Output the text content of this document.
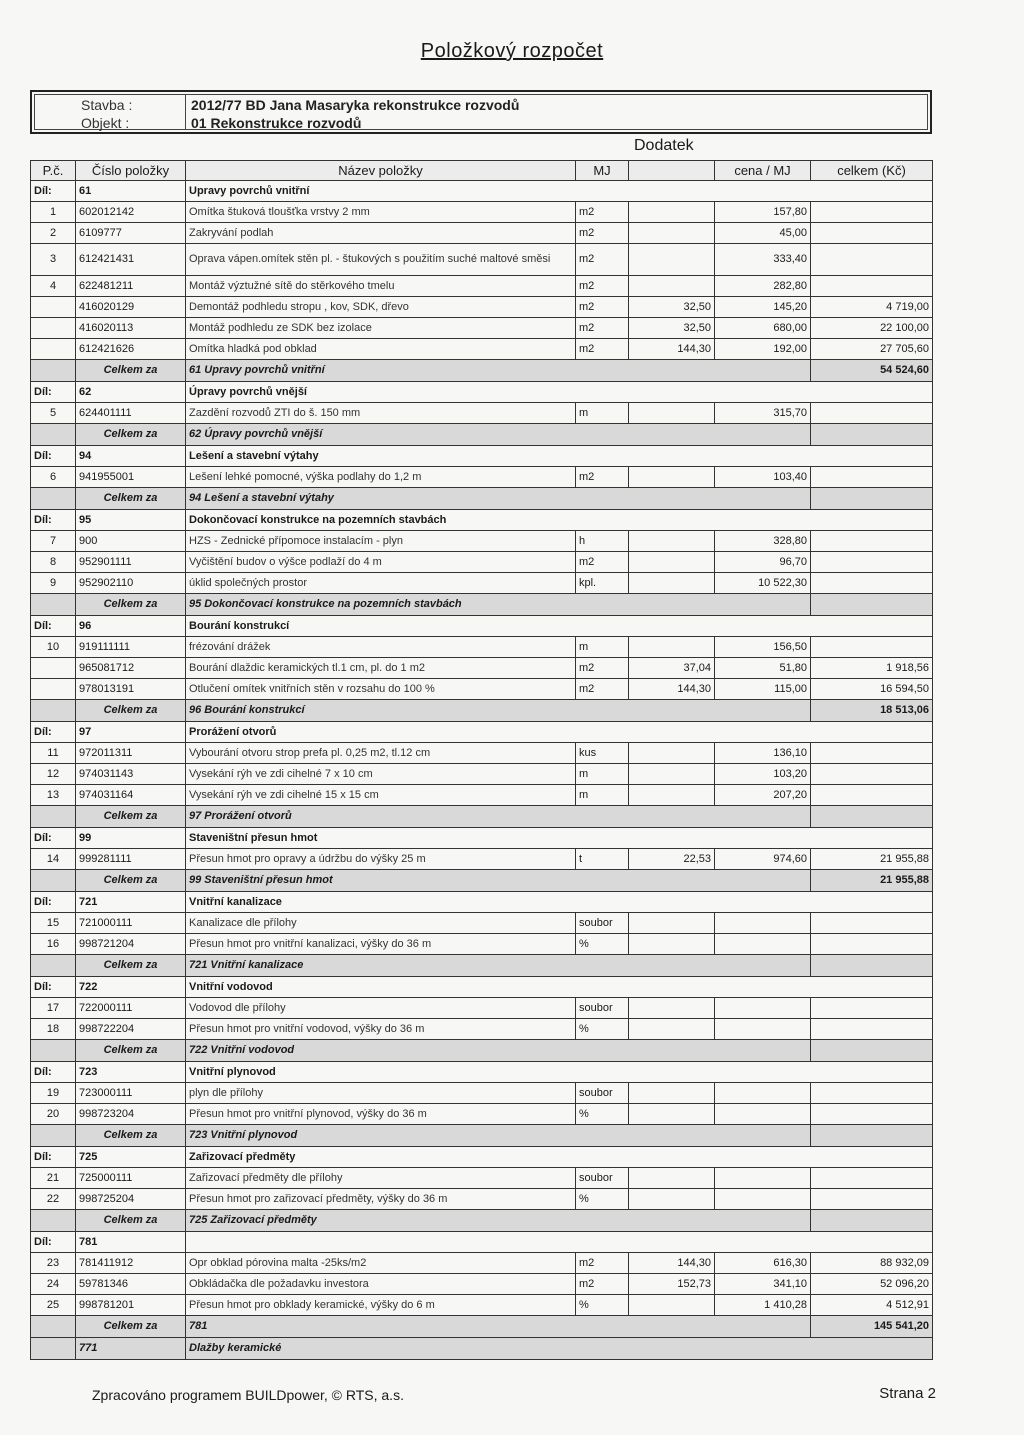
Položkový rozpočet
Stavba :	2012/77 BD Jana Masaryka rekonstrukce rozvodů
Objekt :	01 Rekonstrukce rozvodů
Dodatek
P.č.	Číslo položky	Název položky	MJ		cena / MJ	celkem (Kč)
Díl:	61	Upravy povrchů vnitřní				
1	602012142	Omítka štuková tloušťka vrstvy 2 mm	m2		157,80	
2	6109777	Zakryvání podlah	m2		45,00	
3	612421431	Oprava vápen.omítek stěn pl. - štukových s použitím suché maltové směsi	m2		333,40	
4	622481211	Montáž výztužné sítě do stěrkového tmelu	m2		282,80	
	416020129	Demontáž podhledu stropu , kov, SDK, dřevo	m2	32,50	145,20	4 719,00
	416020113	Montáž podhledu ze SDK bez izolace	m2	32,50	680,00	22 100,00
	612421626	Omítka hladká pod obklad	m2	144,30	192,00	27 705,60
	Celkem za	61 Upravy povrchů vnitřní				54 524,60
Díl:	62	Úpravy povrchů vnější				
5	624401111	Zazdění rozvodů ZTI do š. 150 mm	m		315,70	
	Celkem za	62 Úpravy povrchů vnější				
Díl:	94	Lešení a stavební výtahy				
6	941955001	Lešení lehké pomocné, výška podlahy do 1,2 m	m2		103,40	
	Celkem za	94 Lešení a stavební výtahy				
Díl:	95	Dokončovací konstrukce na pozemních stavbách				
7	900	HZS - Zednické přípomoce instalacím - plyn	h		328,80	
8	952901111	Vyčištění budov o výšce podlaží do 4 m	m2		96,70	
9	952902110	úklid společných prostor	kpl.		10 522,30	
	Celkem za	95 Dokončovací konstrukce na pozemních stavbách				
Díl:	96	Bourání konstrukcí				
10	919111111	frézování drážek	m		156,50	
	965081712	Bourání dlaždic keramických tl.1 cm, pl. do 1 m2	m2	37,04	51,80	1 918,56
	978013191	Otlučení omítek vnitřních stěn v rozsahu do 100 %	m2	144,30	115,00	16 594,50
	Celkem za	96 Bourání konstrukcí				18 513,06
Díl:	97	Prorážení otvorů				
11	972011311	Vybourání otvoru strop prefa pl. 0,25 m2, tl.12 cm	kus		136,10	
12	974031143	Vysekání rýh ve zdi cihelné 7 x 10 cm	m		103,20	
13	974031164	Vysekání rýh ve zdi cihelné 15 x 15 cm	m		207,20	
	Celkem za	97 Prorážení otvorů				
Díl:	99	Staveništní přesun hmot				
14	999281111	Přesun hmot pro opravy a údržbu do výšky 25 m	t	22,53	974,60	21 955,88
	Celkem za	99 Staveništní přesun hmot				21 955,88
Díl:	721	Vnitřní kanalizace				
15	721000111	Kanalizace dle přílohy	soubor			
16	998721204	Přesun hmot pro vnitřní kanalizaci, výšky do 36 m	%			
	Celkem za	721 Vnitřní kanalizace				
Díl:	722	Vnitřní vodovod				
17	722000111	Vodovod dle přílohy	soubor			
18	998722204	Přesun hmot pro vnitřní vodovod, výšky do 36 m	%			
	Celkem za	722 Vnitřní vodovod				
Díl:	723	Vnitřní plynovod				
19	723000111	plyn dle přílohy	soubor			
20	998723204	Přesun hmot pro vnitřní plynovod, výšky do 36 m	%			
	Celkem za	723 Vnitřní plynovod				
Díl:	725	Zařizovací předměty				
21	725000111	Zařizovací předměty dle přílohy	soubor			
22	998725204	Přesun hmot pro zařizovací předměty, výšky do 36 m	%			
	Celkem za	725 Zařizovací předměty				
Díl:	781					
23	781411912	Opr obklad pórovina malta -25ks/m2	m2	144,30	616,30	88 932,09
24	59781346	Obkládačka dle požadavku investora	m2	152,73	341,10	52 096,20
25	998781201	Přesun hmot pro obklady keramické, výšky do 6 m	%		1 410,28	4 512,91
	Celkem za	781				145 541,20
	771	Dlažby keramické				
Zpracováno programem BUILDpower, © RTS, a.s.	Strana 2
